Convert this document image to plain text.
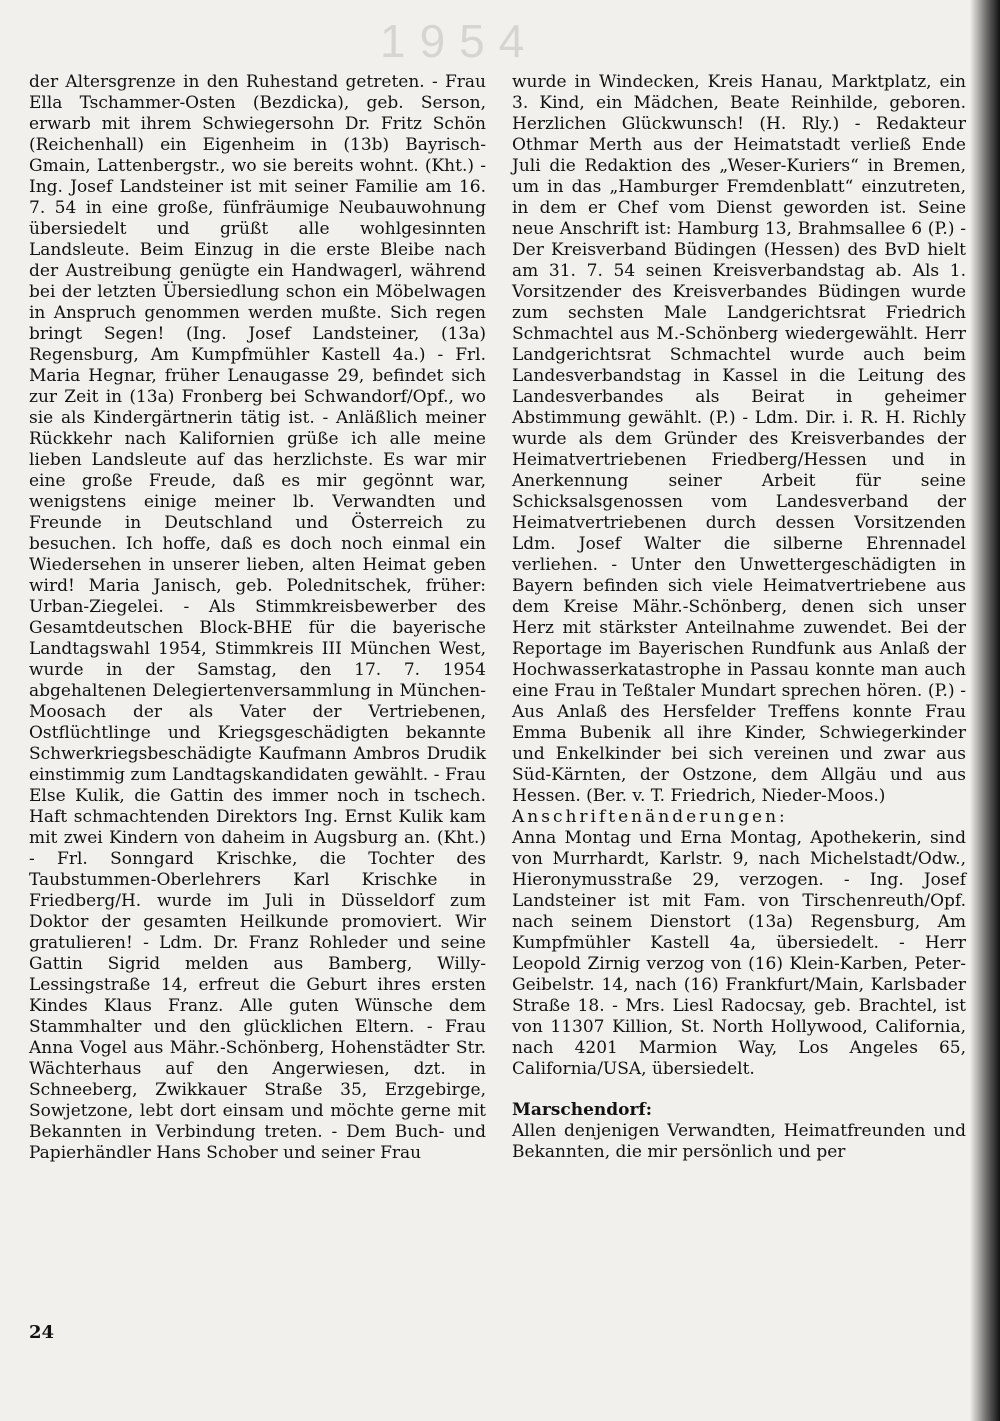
1954

der Altersgrenze in den Ruhestand getreten. - Frau Ella Tschammer-Osten (Bezdicka), geb. Serson, erwarb mit ihrem Schwiegersohn Dr. Fritz Schön (Reichenhall) ein Eigenheim in (13b) Bayrisch-Gmain, Lattenbergstr., wo sie bereits wohnt. (Kht.) - Ing. Josef Landsteiner ist mit seiner Familie am 16. 7. 54 in eine große, fünfräumige Neubauwohnung übersiedelt und grüßt alle wohlgesinnten Landsleute. Beim Einzug in die erste Bleibe nach der Austreibung genügte ein Handwagerl, während bei der letzten Übersiedlung schon ein Möbelwagen in Anspruch genommen werden mußte. Sich regen bringt Segen! (Ing. Josef Landsteiner, (13a) Regensburg, Am Kumpfmühler Kastell 4a.) - Frl. Maria Hegnar, früher Lenaugasse 29, befindet sich zur Zeit in (13a) Fronberg bei Schwandorf/Opf., wo sie als Kindergärtnerin tätig ist. - Anläßlich meiner Rückkehr nach Kalifornien grüße ich alle meine lieben Landsleute auf das herzlichste. Es war mir eine große Freude, daß es mir gegönnt war, wenigstens einige meiner lb. Verwandten und Freunde in Deutschland und Österreich zu besuchen. Ich hoffe, daß es doch noch einmal ein Wiedersehen in unserer lieben, alten Heimat geben wird! Maria Janisch, geb. Polednitschek, früher: Urban-Ziegelei. - Als Stimmkreisbewerber des Gesamtdeutschen Block-BHE für die bayerische Landtagswahl 1954, Stimmkreis III München West, wurde in der Samstag, den 17. 7. 1954 abgehaltenen Delegiertenversammlung in München-Moosach der als Vater der Vertriebenen, Ostflüchtlinge und Kriegsgeschädigten bekannte Schwerkriegsbeschädigte Kaufmann Ambros Drudik einstimmig zum Landtagskandidaten gewählt. - Frau Else Kulik, die Gattin des immer noch in tschech. Haft schmachtenden Direktors Ing. Ernst Kulik kam mit zwei Kindern von daheim in Augsburg an. (Kht.) - Frl. Sonngard Krischke, die Tochter des Taubstummen-Oberlehrers Karl Krischke in Friedberg/H. wurde im Juli in Düsseldorf zum Doktor der gesamten Heilkunde promoviert. Wir gratulieren! - Ldm. Dr. Franz Rohleder und seine Gattin Sigrid melden aus Bamberg, Willy-Lessingstraße 14, erfreut die Geburt ihres ersten Kindes Klaus Franz. Alle guten Wünsche dem Stammhalter und den glücklichen Eltern. - Frau Anna Vogel aus Mähr.-Schönberg, Hohenstädter Str. Wächterhaus auf den Angerwiesen, dzt. in Schneeberg, Zwikkauer Straße 35, Erzgebirge, Sowjetzone, lebt dort einsam und möchte gerne mit Bekannten in Verbindung treten. - Dem Buch- und Papierhändler Hans Schober und seiner Frau

wurde in Windecken, Kreis Hanau, Marktplatz, ein 3. Kind, ein Mädchen, Beate Reinhilde, geboren. Herzlichen Glückwunsch! (H. Rly.) - Redakteur Othmar Merth aus der Heimatstadt verließ Ende Juli die Redaktion des „Weser-Kuriers“ in Bremen, um in das „Hamburger Fremdenblatt“ einzutreten, in dem er Chef vom Dienst geworden ist. Seine neue Anschrift ist: Hamburg 13, Brahmsallee 6 (P.) - Der Kreisverband Büdingen (Hessen) des BvD hielt am 31. 7. 54 seinen Kreisverbandstag ab. Als 1. Vorsitzender des Kreisverbandes Büdingen wurde zum sechsten Male Landgerichtsrat Friedrich Schmachtel aus M.-Schönberg wiedergewählt. Herr Landgerichtsrat Schmachtel wurde auch beim Landesverbandstag in Kassel in die Leitung des Landesverbandes als Beirat in geheimer Abstimmung gewählt. (P.) - Ldm. Dir. i. R. H. Richly wurde als dem Gründer des Kreisverbandes der Heimatvertriebenen Friedberg/Hessen und in Anerkennung seiner Arbeit für seine Schicksalsgenossen vom Landesverband der Heimatvertriebenen durch dessen Vorsitzenden Ldm. Josef Walter die silberne Ehrennadel verliehen. - Unter den Unwettergeschädigten in Bayern befinden sich viele Heimatvertriebene aus dem Kreise Mähr.-Schönberg, denen sich unser Herz mit stärkster Anteilnahme zuwendet. Bei der Reportage im Bayerischen Rundfunk aus Anlaß der Hochwasserkatastrophe in Passau konnte man auch eine Frau in Teßtaler Mundart sprechen hören. (P.) - Aus Anlaß des Hersfelder Treffens konnte Frau Emma Bubenik all ihre Kinder, Schwiegerkinder und Enkelkinder bei sich vereinen und zwar aus Süd-Kärnten, der Ostzone, dem Allgäu und aus Hessen. (Ber. v. T. Friedrich, Nieder-Moos.)

Anschriftenänderungen:

Anna Montag und Erna Montag, Apothekerin, sind von Murrhardt, Karlstr. 9, nach Michelstadt/Odw., Hieronymusstraße 29, verzogen. - Ing. Josef Landsteiner ist mit Fam. von Tirschenreuth/Opf. nach seinem Dienstort (13a) Regensburg, Am Kumpfmühler Kastell 4a, übersiedelt. - Herr Leopold Zirnig verzog von (16) Klein-Karben, Peter-Geibelstr. 14, nach (16) Frankfurt/Main, Karlsbader Straße 18. - Mrs. Liesl Radocsay, geb. Brachtel, ist von 11307 Killion, St. North Hollywood, California, nach 4201 Marmion Way, Los Angeles 65, California/USA, übersiedelt.

Marschendorf:

Allen denjenigen Verwandten, Heimatfreunden und Bekannten, die mir persönlich und per

24
